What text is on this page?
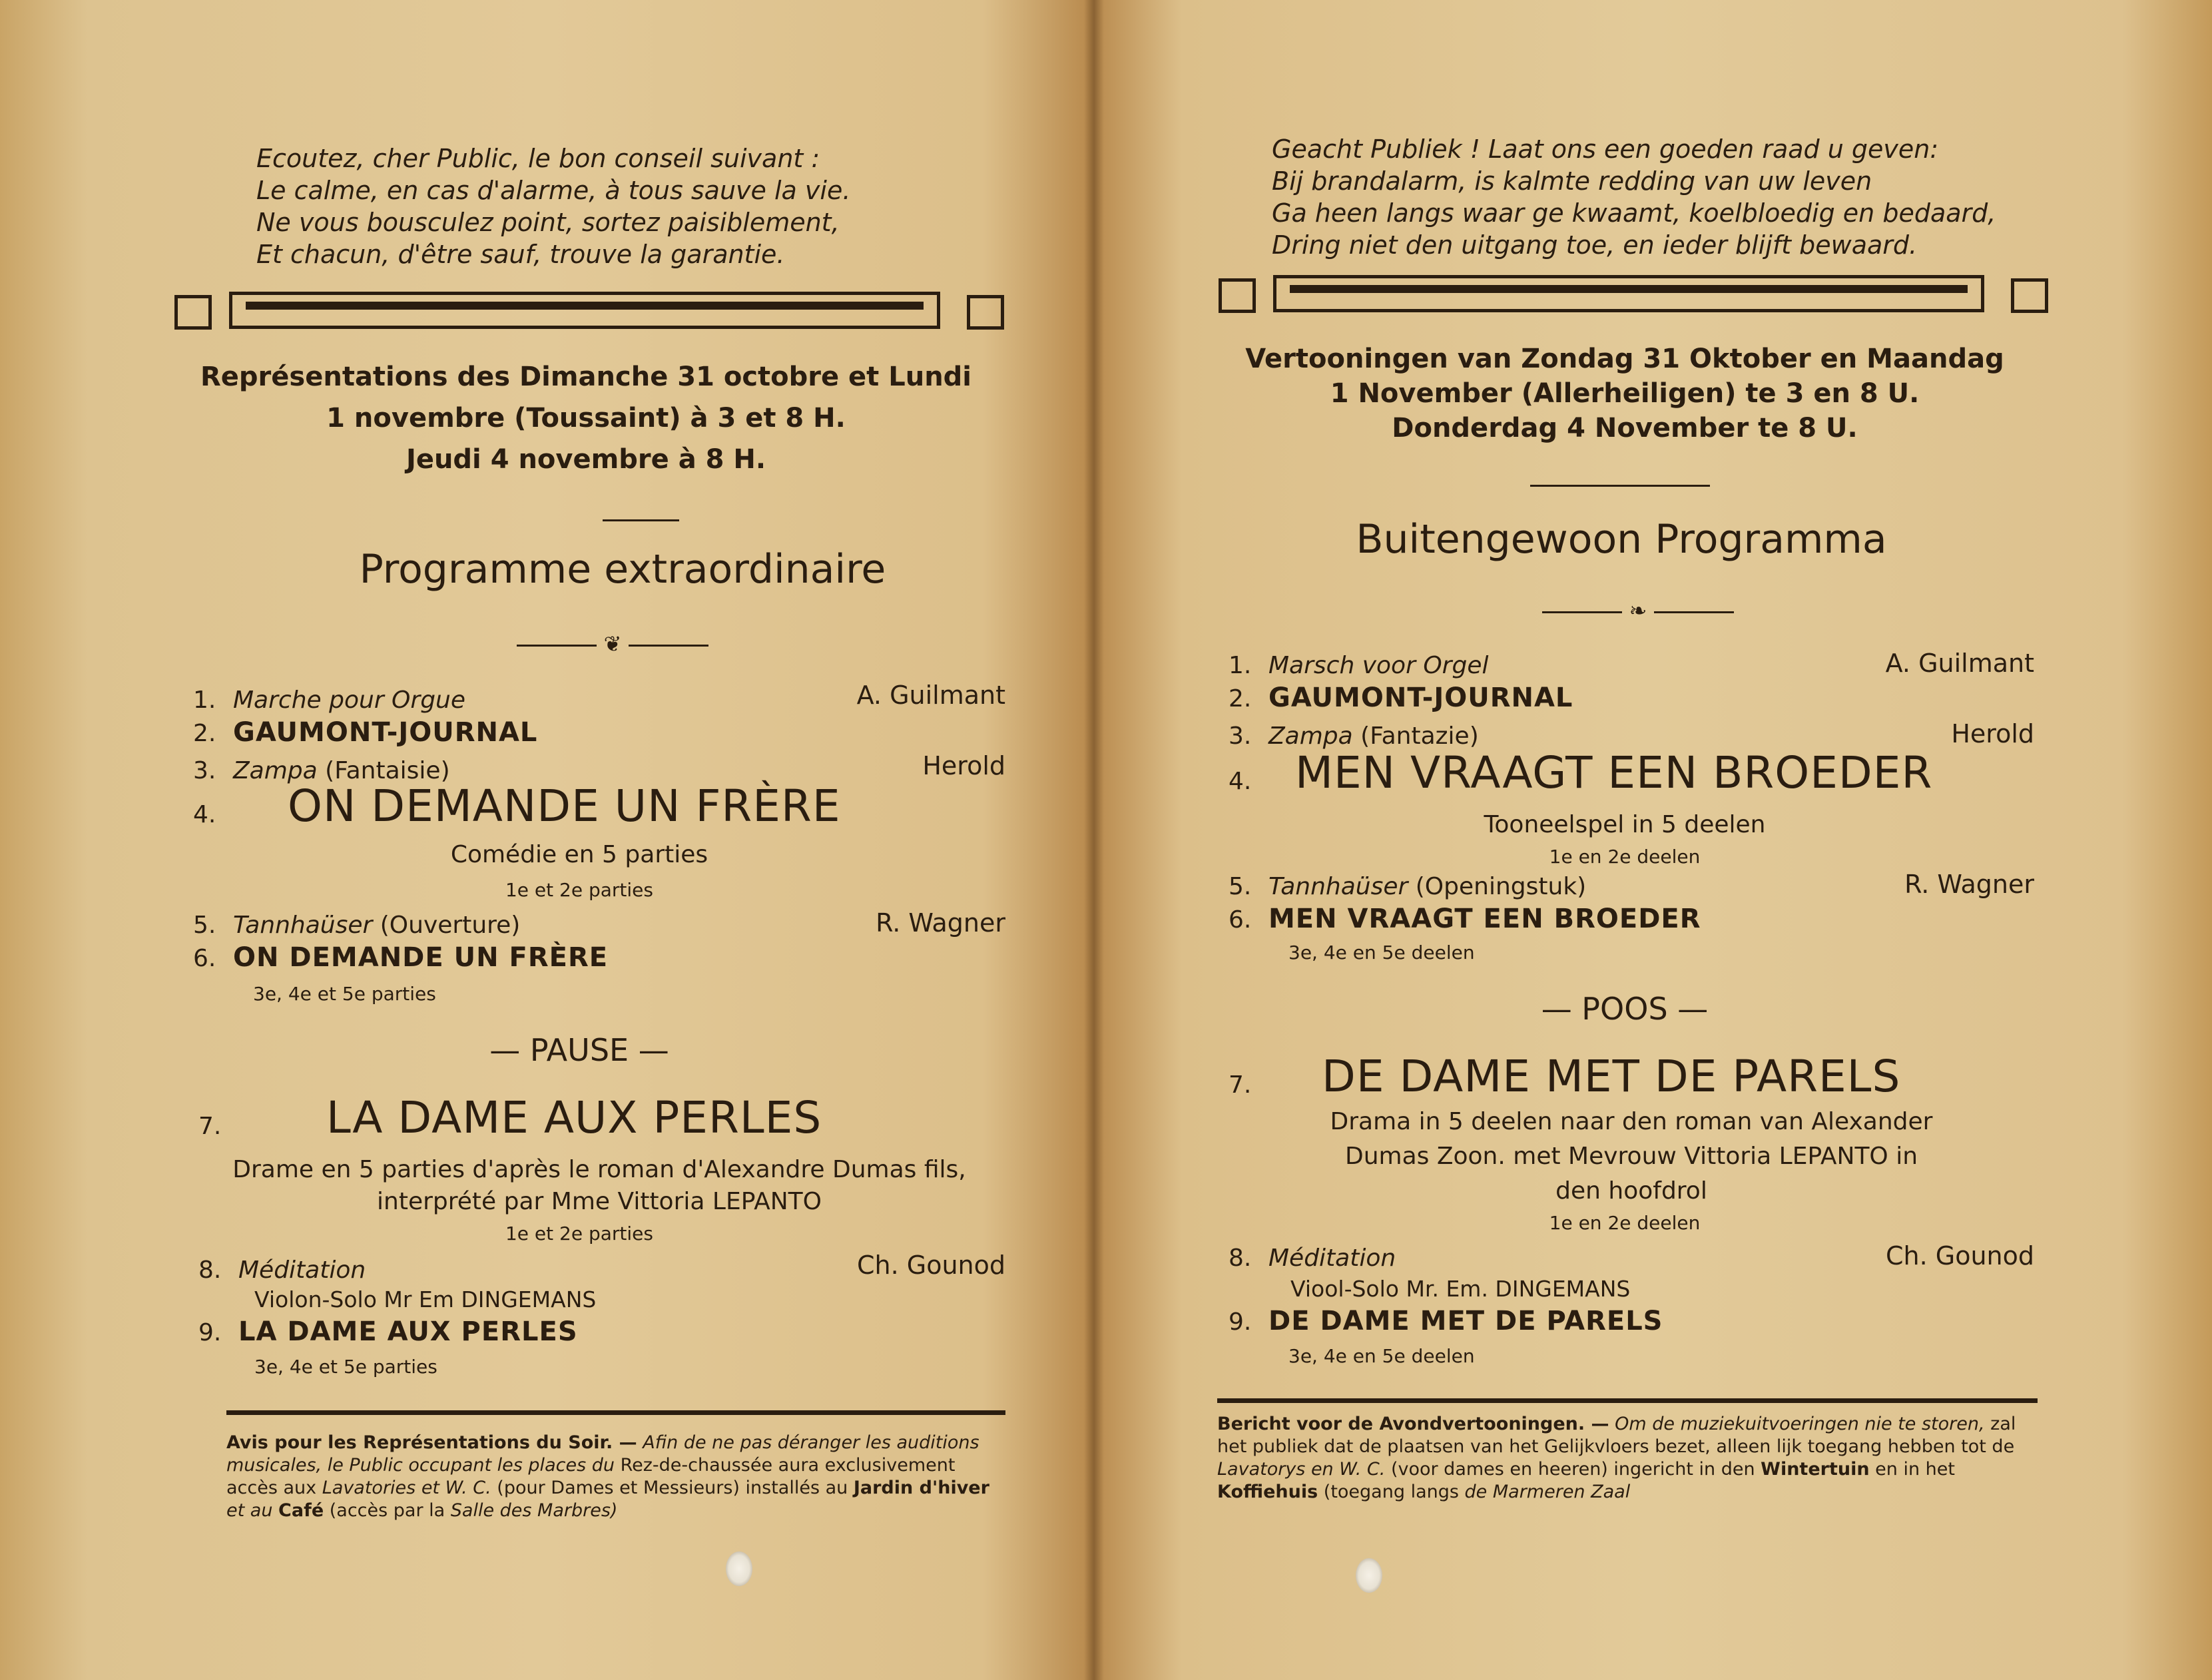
Ecoutez, cher Public, le bon conseil suivant :
Le calme, en cas d'alarme, à tous sauve la vie.
Ne vous bousculez point, sortez paisiblement,
Et chacun, d'être sauf, trouve la garantie.
Représentations des Dimanche 31 octobre et Lundi
1 novembre (Toussaint) à 3 et 8 H.
Jeudi 4 novembre à 8 H.
Programme extraordinaire
❦
1. Marche pour Orgue	A. Guilmant
2. GAUMONT-JOURNAL
3. Zampa (Fantaisie)	Herold
4.	ON DEMANDE UN FRÈRE
Comédie en 5 parties
1e et 2e parties
5. Tannhaüser (Ouverture)	R. Wagner
6. ON DEMANDE UN FRÈRE
3e, 4e et 5e parties
— PAUSE —
7.	LA DAME AUX PERLES
Drame en 5 parties d'après le roman d'Alexandre Dumas fils,
interprété par Mme Vittoria LEPANTO
1e et 2e parties
8. Méditation	Ch. Gounod
Violon-Solo Mr Em DINGEMANS
9. LA DAME AUX PERLES
3e, 4e et 5e parties
Avis pour les Représentations du Soir. — Afin de ne pas déranger les auditions musicales, le Public occupant les places du Rez-de-chaussée aura exclusivement accès aux Lavatories et W. C. (pour Dames et Messieurs) installés au Jardin d'hiver et au Café (accès par la Salle des Marbres)
Geacht Publiek ! Laat ons een goeden raad u geven:
Bij brandalarm, is kalmte redding van uw leven
Ga heen langs waar ge kwaamt, koelbloedig en bedaard,
Dring niet den uitgang toe, en ieder blijft bewaard.
Vertooningen van Zondag 31 Oktober en Maandag
1 November (Allerheiligen) te 3 en 8 U.
Donderdag 4 November te 8 U.
Buitengewoon Programma
❧
1. Marsch voor Orgel	A. Guilmant
2. GAUMONT-JOURNAL
3. Zampa (Fantazie)	Herold
4. MEN VRAAGT EEN BROEDER
Tooneelspel in 5 deelen
1e en 2e deelen
5. Tannhaüser (Openingstuk)	R. Wagner
6. MEN VRAAGT EEN BROEDER
3e, 4e en 5e deelen
— POOS —
7.	DE DAME MET DE PARELS
Drama in 5 deelen naar den roman van Alexander
Dumas Zoon. met Mevrouw Vittoria LEPANTO in
den hoofdrol
1e en 2e deelen
8. Méditation	Ch. Gounod
Viool-Solo Mr. Em. DINGEMANS
9. DE DAME MET DE PARELS
3e, 4e en 5e deelen
Bericht voor de Avondvertooningen. — Om de muziekuitvoeringen nie te storen, zal het publiek dat de plaatsen van het Gelijkvloers bezet, alleen lijk toegang hebben tot de Lavatorys en W. C. (voor dames en heeren) ingericht in den Wintertuin en in het Koffiehuis (toegang langs de Marmeren Zaal
